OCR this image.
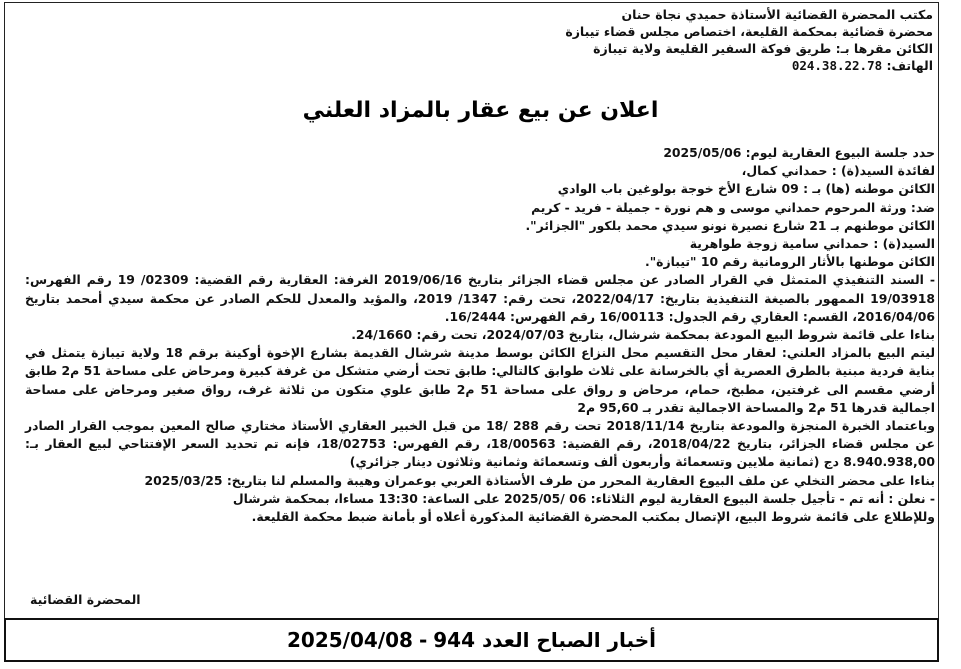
مكتب المحضرة القضائية الأستاذة حميدي نجاة حنان
محضرة قضائية بمحكمة القليعة، اختصاص مجلس قضاء تيبازة
الكائن مقرها بـ: طريق فوكة السفير القليعة ولاية تيبازة
الهاتف: 024.38.22.78
اعلان عن بيع عقار بالمزاد العلني

حدد جلسة البيوع العقارية ليوم: 2025/05/06

لفائدة السيد(ة) : حمداني كمال،

الكائن موطنه (ها) بـ : 09 شارع الأخ خوجة بولوغين باب الوادي

ضد: ورثة المرحوم حمداني موسى و هم نورة - جميلة - فريد - كريم

الكائن موطنهم بـ 21 شارع نصيرة نونو سيدي محمد بلكور "الجزائر".

السيد(ة) : حمداني سامية زوجة طواهرية

الكائن موطنها بالأثار الرومانية رقم 10 "تيبازة".

- السند التنفيذي المتمثل في القرار الصادر عن مجلس قضاء الجزائر بتاريخ 2019/06/16 الغرفة: العقارية رقم القضية: 02309/ 19 رقم الفهرس: 19/03918 الممهور بالصيغة التنفيذية بتاريخ: 2022/04/17، تحت رقم: 1347/ 2019، والمؤيد والمعدل للحكم الصادر عن محكمة سيدي أمحمد بتاريخ 2016/04/06، القسم: العقاري رقم الجدول: 16/00113 رقم الفهرس: 16/2444.

بناءا على قائمة شروط البيع المودعة بمحكمة شرشال، بتاريخ 2024/07/03، تحت رقم: 24/1660.

ليتم البيع بالمزاد العلني: لعقار محل التقسيم محل النزاع الكائن بوسط مدينة شرشال القديمة بشارع الإخوة أوكينة برقم 18 ولاية تيبازة يتمثل في بناية فردية مبنية بالطرق العصرية أي بالخرسانة على ثلاث طوابق كالتالي: طابق تحت أرضي متشكل من غرفة كبيرة ومرحاض على مساحة 51 م2 طابق أرضي مقسم الى غرفتين، مطبخ، حمام، مرحاض و رواق على مساحة 51 م2 طابق علوي متكون من ثلاثة غرف، رواق صغير ومرحاض على مساحة اجمالية قدرها 51 م2 والمساحة الاجمالية تقدر بـ 95,60 م2

وباعتماد الخبرة المنجزة والمودعة بتاريخ 2018/11/14 تحت رقم 288 /18 من قبل الخبير العقاري الأستاذ مختاري صالح المعين بموجب القرار الصادر عن مجلس قضاء الجزائر، بتاريخ 2018/04/22، رقم القضية: 18/00563، رقم الفهرس: 18/02753، فإنه تم تحديد السعر الإفتتاحي لبيع العقار بـ: 8.940.938,00 دج (ثمانية ملايين وتسعمائة وأربعون ألف وتسعمائة وثمانية وثلاثون دينار جزائري)

بناءا على محضر التخلي عن ملف البيوع العقارية المحرر من طرف الأستاذة العربي بوعمران وهيبة والمسلم لنا بتاريخ: 2025/03/25

- نعلن : أنه تم - تأجيل جلسة البيوع العقارية ليوم الثلاثاء: 06 /2025/05 على الساعة: 13:30 مساءا، بمحكمة شرشال

وللإطلاع على قائمة شروط البيع، الإتصال بمكتب المحضرة القضائية المذكورة أعلاه أو بأمانة ضبط محكمة القليعة.

المحضرة القضائية
أخبار الصباح العدد 944
-
2025/04/08
